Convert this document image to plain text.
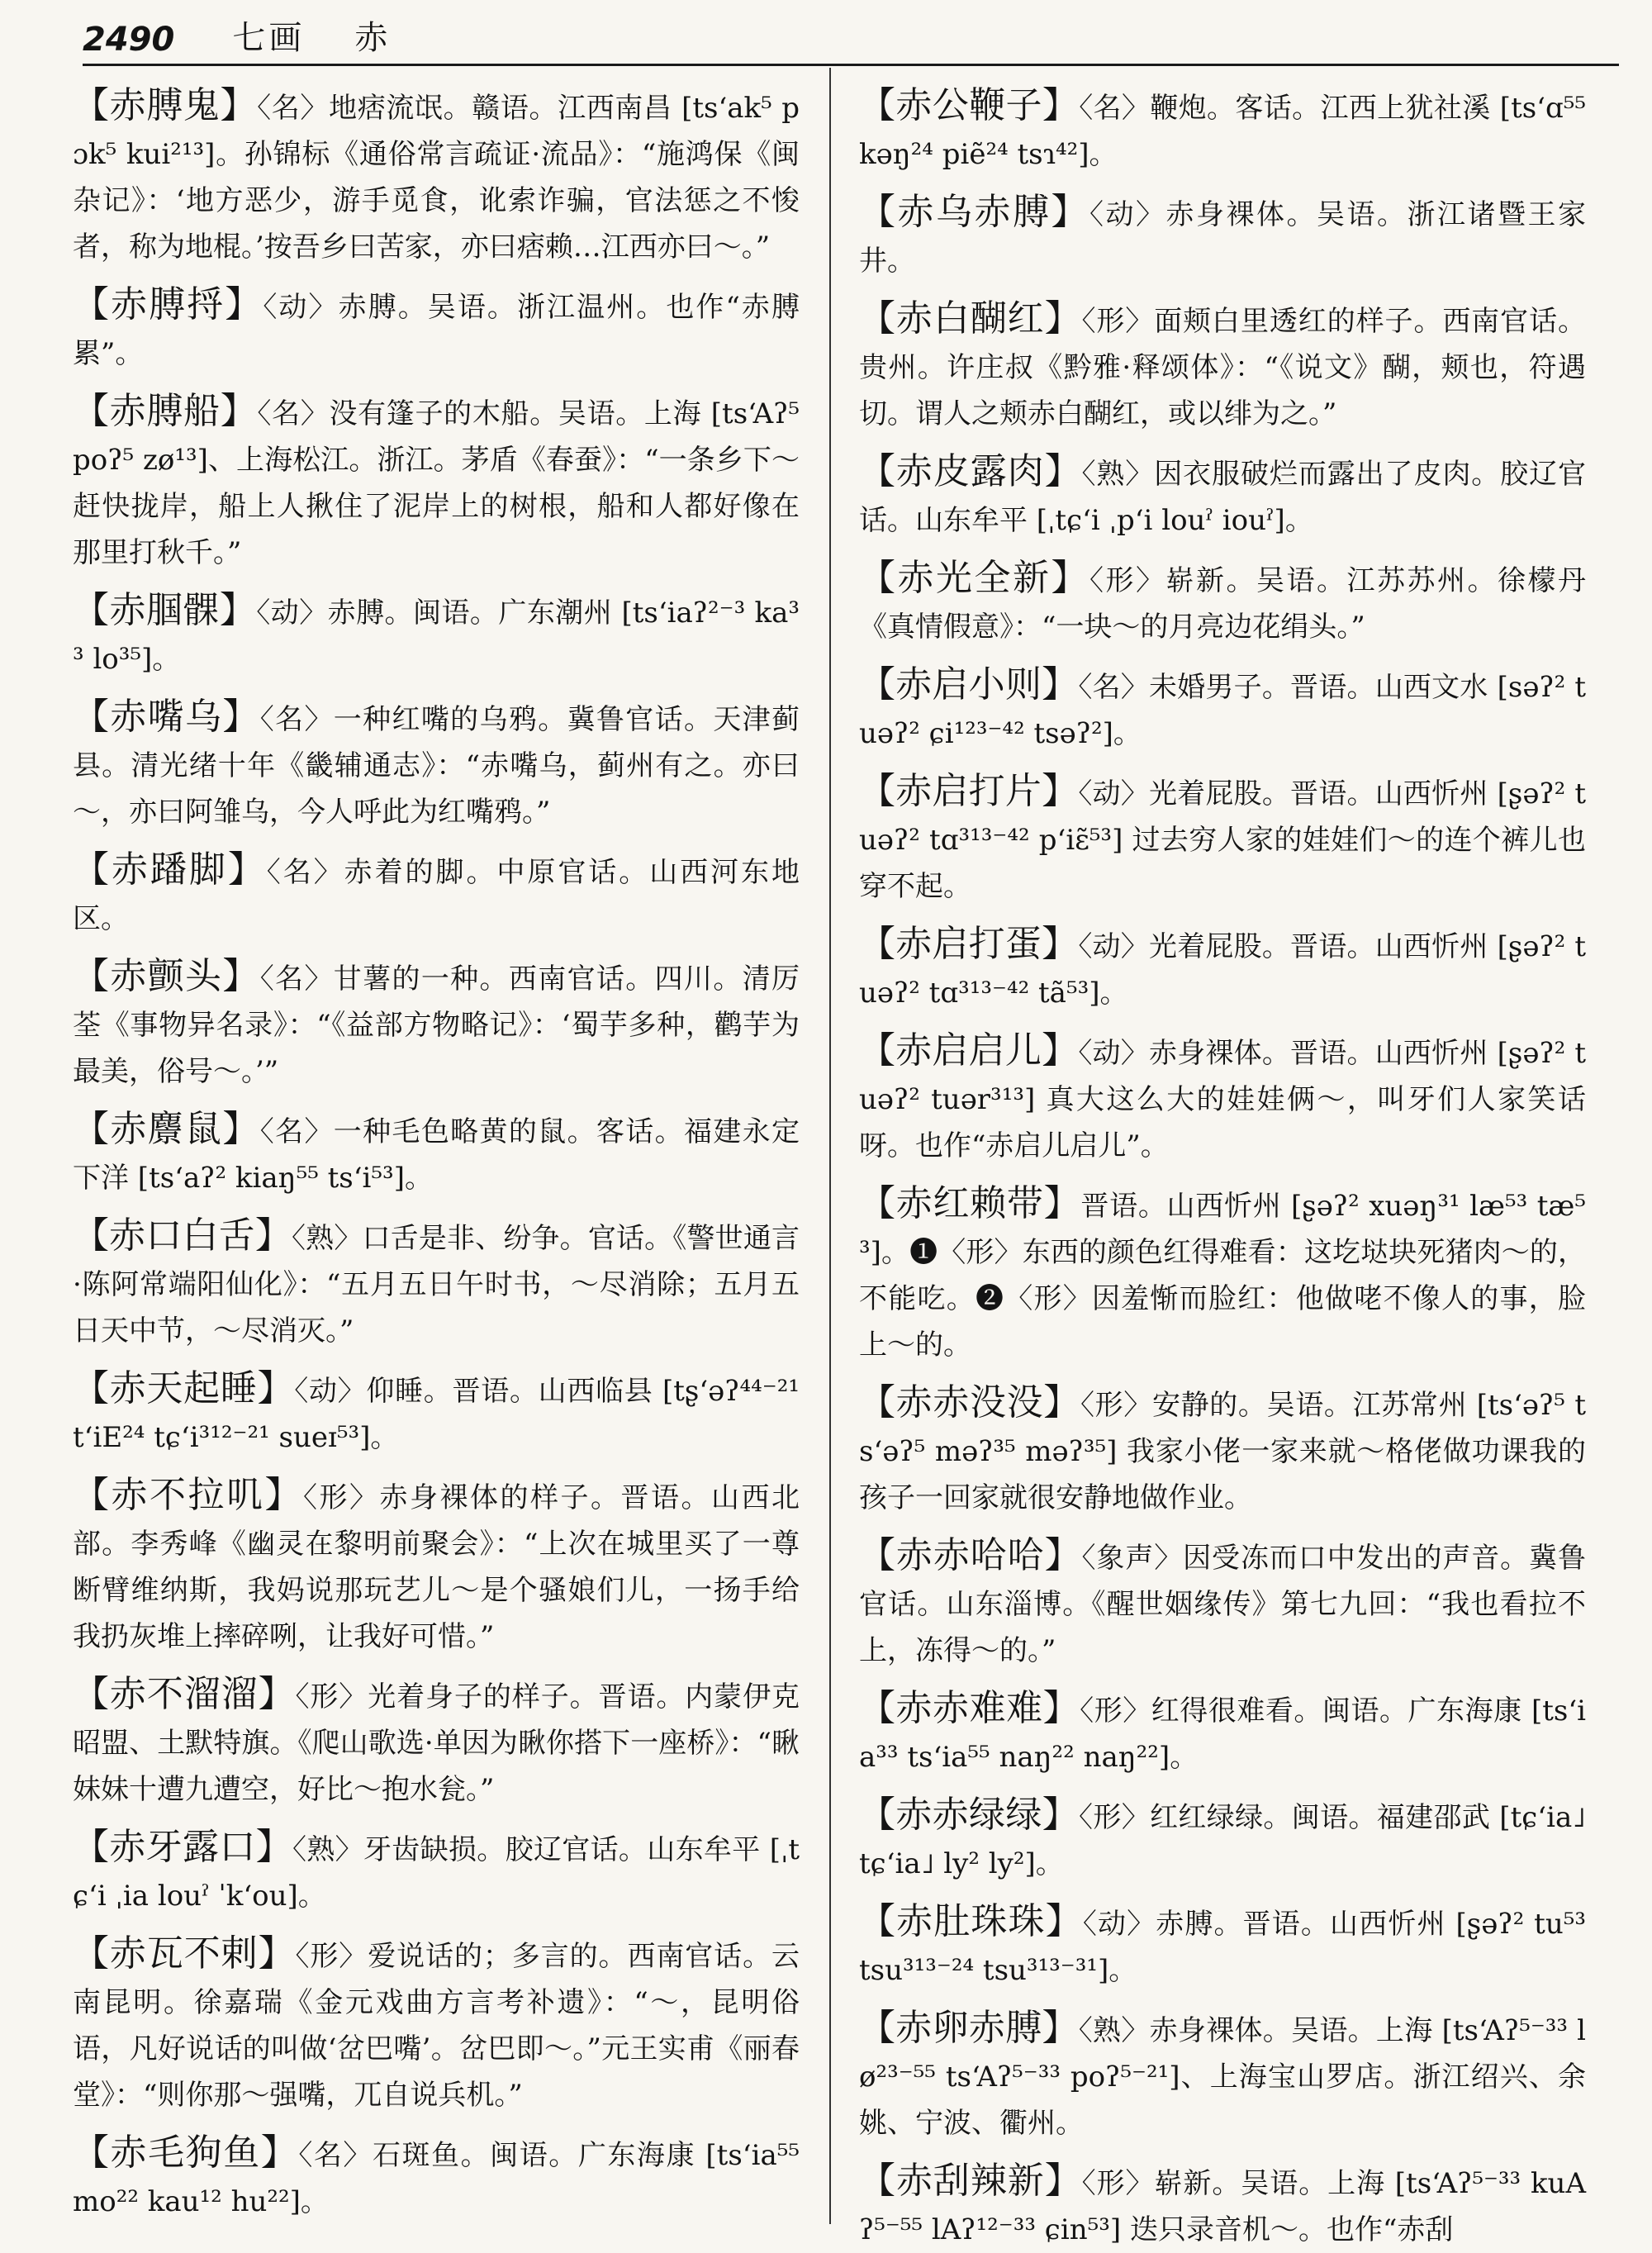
2490 七画 赤

【赤膊鬼】〈名〉地痞流氓。赣语。江西南昌 [tsʻak⁵ pɔk⁵ kui²¹³]。孙锦标《通俗常言疏证·流品》：“施鸿保《闽杂记》：‘地方恶少，游手觅食，讹索诈骗，官法惩之不悛者，称为地棍。’按吾乡曰苦家，亦曰痞赖…江西亦曰～。”

【赤膊捋】〈动〉赤膊。吴语。浙江温州。也作“赤膊累”。

【赤膊船】〈名〉没有篷子的木船。吴语。上海 [tsʻAʔ⁵ poʔ⁵ zø¹³]、上海松江。浙江。茅盾《春蚕》：“一条乡下～赶快拢岸，船上人揪住了泥岸上的树根，船和人都好像在那里打秋千。”

【赤腘髁】〈动〉赤膊。闽语。广东潮州 [tsʻiaʔ²⁻³ ka³³ lo³⁵]。

【赤嘴乌】〈名〉一种红嘴的乌鸦。冀鲁官话。天津蓟县。清光绪十年《畿辅通志》：“赤嘴乌，蓟州有之。亦曰～，亦曰阿雏乌，今人呼此为红嘴鸦。”

【赤蹯脚】〈名〉赤着的脚。中原官话。山西河东地区。

【赤颤头】〈名〉甘薯的一种。西南官话。四川。清厉荃《事物异名录》：“《益部方物略记》：‘蜀芋多种，鹳芋为最美，俗号～。’”

【赤麖鼠】〈名〉一种毛色略黄的鼠。客话。福建永定下洋 [tsʻaʔ² kiaŋ⁵⁵ tsʻi⁵³]。

【赤口白舌】〈熟〉口舌是非、纷争。官话。《警世通言·陈阿常端阳仙化》：“五月五日午时书，～尽消除；五月五日天中节，～尽消灭。”

【赤天起睡】〈动〉仰睡。晋语。山西临县 [tʂʻəʔ⁴⁴⁻²¹ tʻiE²⁴ tɕʻi³¹²⁻²¹ sueɪ⁵³]。

【赤不拉叽】〈形〉赤身裸体的样子。晋语。山西北部。李秀峰《幽灵在黎明前聚会》：“上次在城里买了一尊断臂维纳斯，我妈说那玩艺儿～是个骚娘们儿，一扬手给我扔灰堆上摔碎咧，让我好可惜。”

【赤不溜溜】〈形〉光着身子的样子。晋语。内蒙伊克昭盟、土默特旗。《爬山歌选·单因为瞅你搭下一座桥》：“瞅妹妹十遭九遭空，好比～抱水瓮。”

【赤牙露口】〈熟〉牙齿缺损。胶辽官话。山东牟平 [ˌtɕʻi ˌia louˀ ˈkʻou]。

【赤瓦不剌】〈形〉爱说话的；多言的。西南官话。云南昆明。徐嘉瑞《金元戏曲方言考补遗》：“～，昆明俗语，凡好说话的叫做‘岔巴嘴’。岔巴即～。”元王实甫《丽春堂》：“则你那～强嘴，兀自说兵机。”

【赤毛狗鱼】〈名〉石斑鱼。闽语。广东海康 [tsʻia⁵⁵ mo²² kau¹² hu²²]。

【赤公鞭子】〈名〉鞭炮。客话。江西上犹社溪 [tsʻɑ⁵⁵ kəŋ²⁴ piẽ²⁴ tsɿ⁴²]。

【赤乌赤膊】〈动〉赤身裸体。吴语。浙江诸暨王家井。

【赤白醐红】〈形〉面颊白里透红的样子。西南官话。贵州。许庄叔《黔雅·释颂体》：“《说文》醐，颊也，符遇切。谓人之颊赤白醐红，或以绯为之。”

【赤皮露肉】〈熟〉因衣服破烂而露出了皮肉。胶辽官话。山东牟平 [ˌtɕʻi ˌpʻi louˀ iouˀ]。

【赤光全新】〈形〉崭新。吴语。江苏苏州。徐檬丹《真情假意》：“一块～的月亮边花绢头。”

【赤启小则】〈名〉未婚男子。晋语。山西文水 [səʔ² tuəʔ² ɕi¹²³⁻⁴² tsəʔ²]。

【赤启打片】〈动〉光着屁股。晋语。山西忻州 [ʂəʔ² tuəʔ² tɑ³¹³⁻⁴² pʻiɛ̃⁵³] 过去穷人家的娃娃们～的连个裤儿也穿不起。

【赤启打蛋】〈动〉光着屁股。晋语。山西忻州 [ʂəʔ² tuəʔ² tɑ³¹³⁻⁴² tã⁵³]。

【赤启启儿】〈动〉赤身裸体。晋语。山西忻州 [ʂəʔ² tuəʔ² tuər³¹³] 真大这么大的娃娃俩～，叫牙们人家笑话呀。也作“赤启儿启儿”。

【赤红赖带】晋语。山西忻州 [ʂəʔ² xuəŋ³¹ læ⁵³ tæ⁵³]。❶〈形〉东西的颜色红得难看：这圪垯块死猪肉～的，不能吃。❷〈形〉因羞惭而脸红：他做咾不像人的事，脸上～的。

【赤赤没没】〈形〉安静的。吴语。江苏常州 [tsʻəʔ⁵ tsʻəʔ⁵ məʔ³⁵ məʔ³⁵] 我家小佬一家来就～格佬做功课我的孩子一回家就很安静地做作业。

【赤赤哈哈】〈象声〉因受冻而口中发出的声音。冀鲁官话。山东淄博。《醒世姻缘传》第七九回：“我也看拉不上，冻得～的。”

【赤赤难难】〈形〉红得很难看。闽语。广东海康 [tsʻia³³ tsʻia⁵⁵ naŋ²² naŋ²²]。

【赤赤绿绿】〈形〉红红绿绿。闽语。福建邵武 [tɕʻia˩ tɕʻia˩ ly² ly²]。

【赤肚珠珠】〈动〉赤膊。晋语。山西忻州 [ʂəʔ² tu⁵³ tsu³¹³⁻²⁴ tsu³¹³⁻³¹]。

【赤卵赤膊】〈熟〉赤身裸体。吴语。上海 [tsʻAʔ⁵⁻³³ lø²³⁻⁵⁵ tsʻAʔ⁵⁻³³ poʔ⁵⁻²¹]、上海宝山罗店。浙江绍兴、余姚、宁波、衢州。

【赤刮辣新】〈形〉崭新。吴语。上海 [tsʻAʔ⁵⁻³³ kuAʔ⁵⁻⁵⁵ lAʔ¹²⁻³³ ɕin⁵³] 迭只录音机～。也作“赤刮
